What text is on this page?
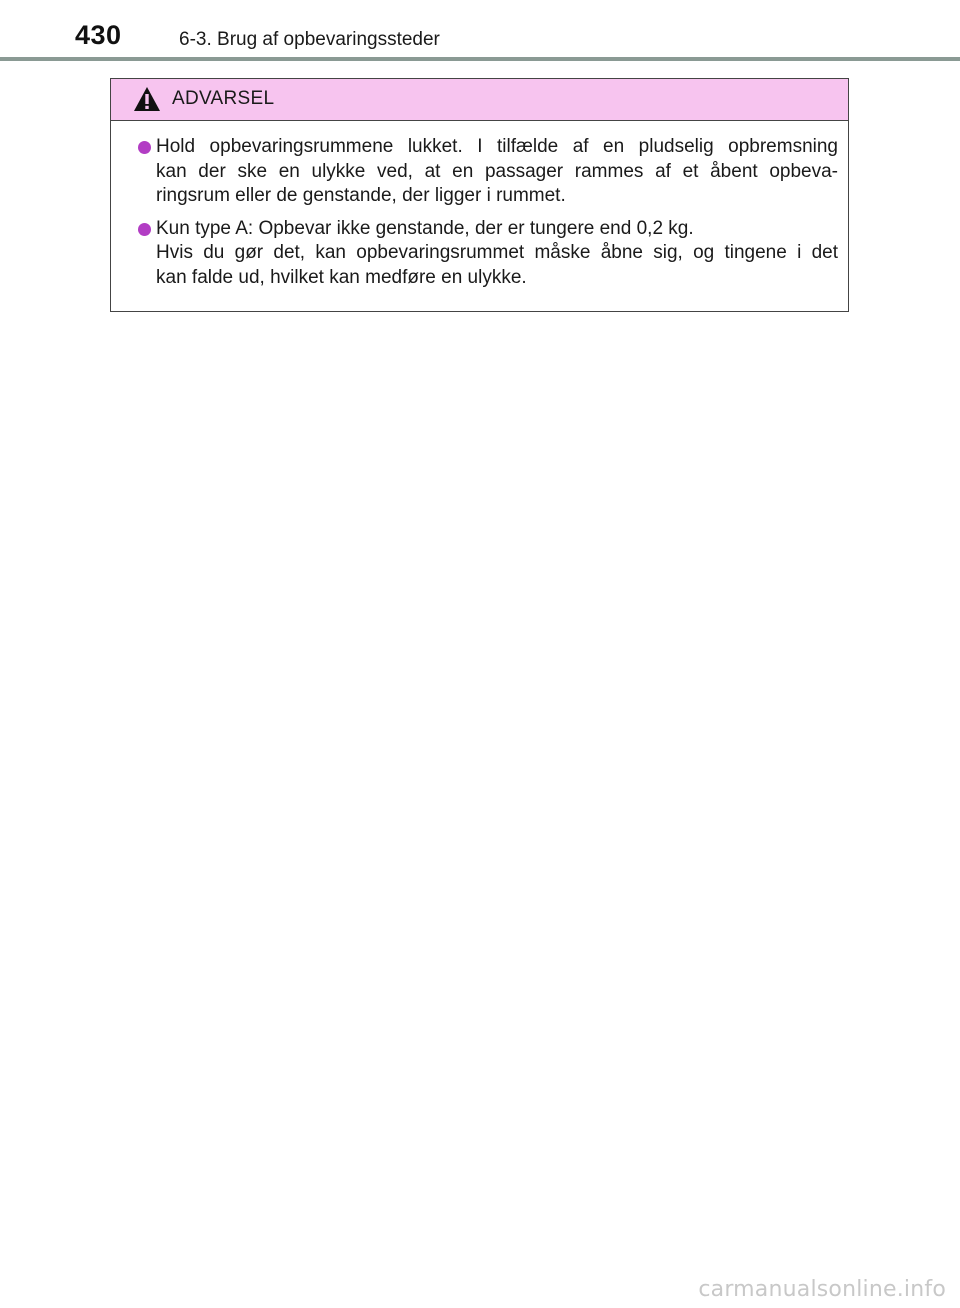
430	6-3. Brug af opbevaringssteder
ADVARSEL
Hold opbevaringsrummene lukket. I tilfælde af en pludselig opbremsning
kan der ske en ulykke ved, at en passager rammes af et åbent opbeva-
ringsrum eller de genstande, der ligger i rummet.
Kun type A: Opbevar ikke genstande, der er tungere end 0,2 kg.
Hvis du gør det, kan opbevaringsrummet måske åbne sig, og tingene i det
kan falde ud, hvilket kan medføre en ulykke.
carmanualsonline.info
